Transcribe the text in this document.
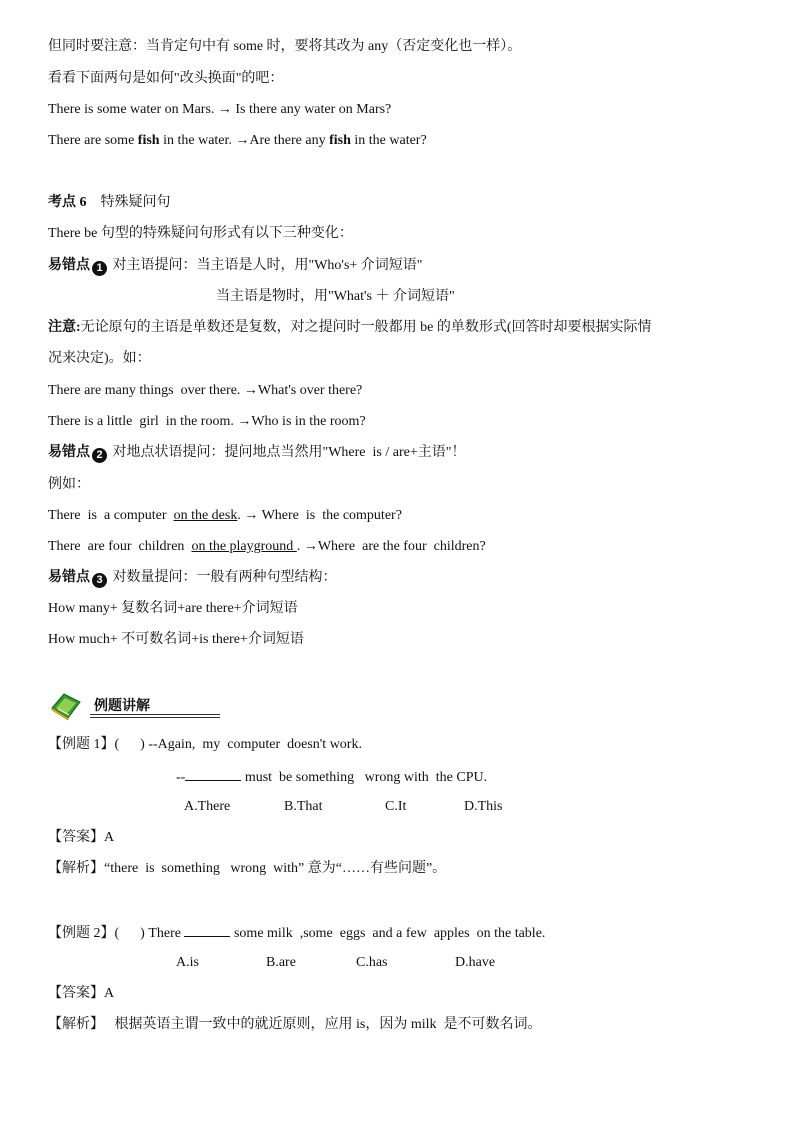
但同时要注意：当肯定句中有 some 时，要将其改为 any（否定变化也一样）。
看看下面两句是如何"改头换面"的吧：
There is some water on Mars. → Is there any water on Mars?
There are some fish in the water. →Are there any fish in the water?
考点 6 特殊疑问句
There be 句型的特殊疑问句形式有以下三种变化：
易错点 1 对主语提问：当主语是人时，用"Who's+ 介词短语"
当主语是物时，用"What's ＋ 介词短语"
注意:无论原句的主语是单数还是复数，对之提问时一般都用 be 的单数形式(回答时却要根据实际情
况来决定)。如：
There are many things  over there. →What's over there?
There is a little  girl  in the room. →Who is in the room?
易错点 2 对地点状语提问：提问地点当然用"Where  is / are+主语"！
例如：
There  is  a computer  on the desk. → Where  is  the computer?
There  are four  children  on the playground . →Where  are the four  children?
易错点 3 对数量提问：一般有两种句型结构：
How many+ 复数名词+are there+介词短语
How much+ 不可数名词+is there+介词短语
例题讲解
【例题 1】(      ) --Again,  my  computer  doesn't work.
--	must  be something   wrong with  the CPU.
A.There	B.That	C.It	D.This
【答案】A
【解析】“there  is  something   wrong  with” 意为“……有些问题”。
【例题 2】(      ) There	some milk  ,some  eggs  and a few  apples  on the table.
A.is	B.are	C.has	D.have
【答案】A
【解析】   根据英语主谓一致中的就近原则，应用 is，因为 milk  是不可数名词。
